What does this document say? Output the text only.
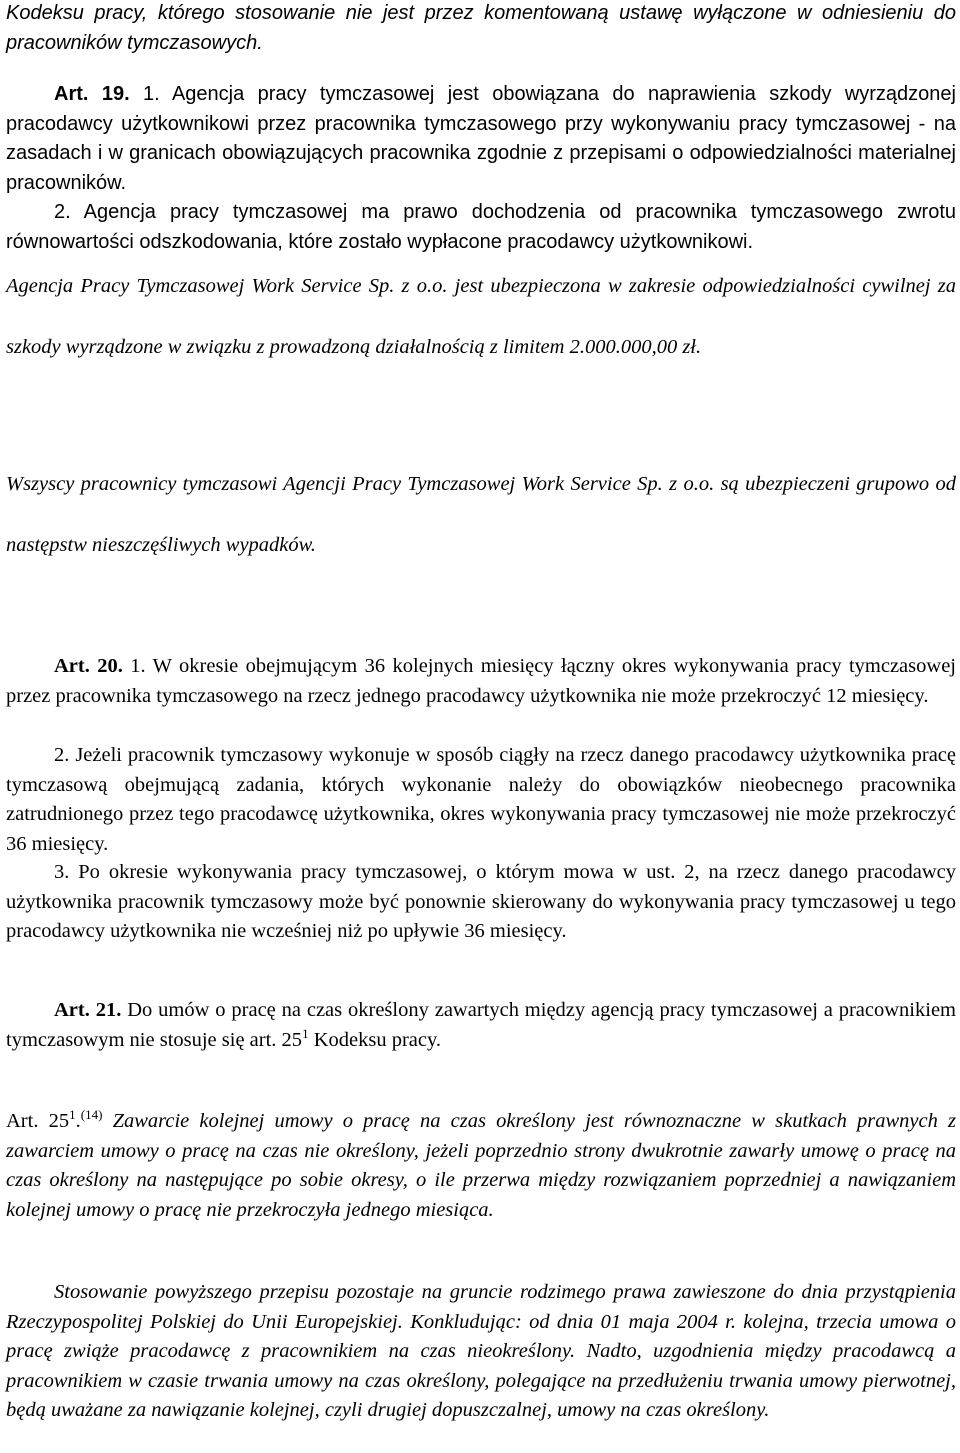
Kodeksu pracy, którego stosowanie nie jest przez komentowaną ustawę wyłączone w odniesieniu do pracowników tymczasowych.

Art. 19. 1. Agencja pracy tymczasowej jest obowiązana do naprawienia szkody wyrządzonej pracodawcy użytkownikowi przez pracownika tymczasowego przy wykonywaniu pracy tymczasowej - na zasadach i w granicach obowiązujących pracownika zgodnie z przepisami o odpowiedzialności materialnej pracowników.

2. Agencja pracy tymczasowej ma prawo dochodzenia od pracownika tymczasowego zwrotu równowartości odszkodowania, które zostało wypłacone pracodawcy użytkownikowi.

Agencja Pracy Tymczasowej Work Service Sp. z o.o. jest ubezpieczona w zakresie odpowiedzialności cywilnej za szkody wyrządzone w związku z prowadzoną działalnością z limitem 2.000.000,00 zł.

Wszyscy pracownicy tymczasowi Agencji Pracy Tymczasowej Work Service Sp. z o.o. są ubezpieczeni grupowo od następstw nieszczęśliwych wypadków.

Art. 20. 1. W okresie obejmującym 36 kolejnych miesięcy łączny okres wykonywania pracy tymczasowej przez pracownika tymczasowego na rzecz jednego pracodawcy użytkownika nie może przekroczyć 12 miesięcy.

2. Jeżeli pracownik tymczasowy wykonuje w sposób ciągły na rzecz danego pracodawcy użytkownika pracę tymczasową obejmującą zadania, których wykonanie należy do obowiązków nieobecnego pracownika zatrudnionego przez tego pracodawcę użytkownika, okres wykonywania pracy tymczasowej nie może przekroczyć 36 miesięcy.

3. Po okresie wykonywania pracy tymczasowej, o którym mowa w ust. 2, na rzecz danego pracodawcy użytkownika pracownik tymczasowy może być ponownie skierowany do wykonywania pracy tymczasowej u tego pracodawcy użytkownika nie wcześniej niż po upływie 36 miesięcy.

Art. 21. Do umów o pracę na czas określony zawartych między agencją pracy tymczasowej a pracownikiem tymczasowym nie stosuje się art. $25^1$ Kodeksu pracy.

Art. $25^1.^{(14)}$ Zawarcie kolejnej umowy o pracę na czas określony jest równoznaczne w skutkach prawnych z zawarciem umowy o pracę na czas nie określony, jeżeli poprzednio strony dwukrotnie zawarły umowę o pracę na czas określony na następujące po sobie okresy, o ile przerwa między rozwiązaniem poprzedniej a nawiązaniem kolejnej umowy o pracę nie przekroczyła jednego miesiąca.

Stosowanie powyższego przepisu pozostaje na gruncie rodzimego prawa zawieszone do dnia przystąpienia Rzeczypospolitej Polskiej do Unii Europejskiej. Konkludując: od dnia 01 maja 2004 r. kolejna, trzecia umowa o pracę zwiąże pracodawcę z pracownikiem na czas nieokreślony. Nadto, uzgodnienia między pracodawcą a pracownikiem w czasie trwania umowy na czas określony, polegające na przedłużeniu trwania umowy pierwotnej, będą uważane za nawiązanie kolejnej, czyli drugiej dopuszczalnej, umowy na czas określony.
